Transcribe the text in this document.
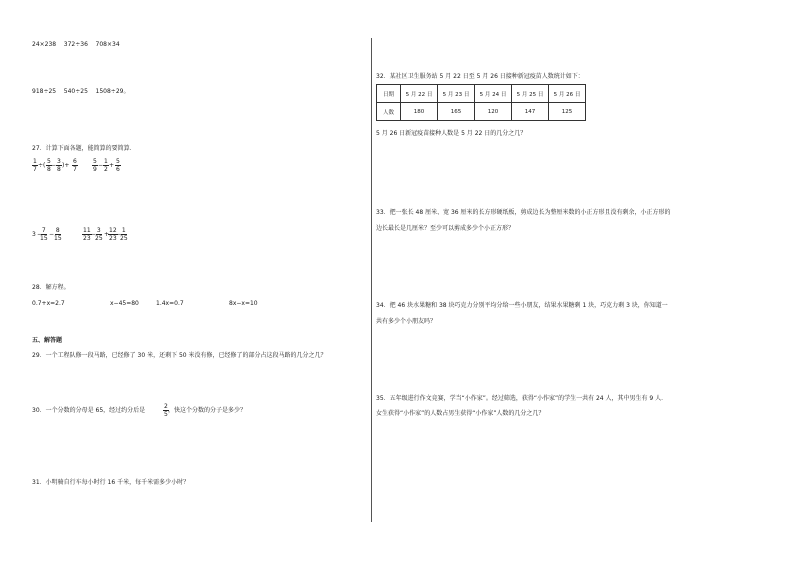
24×238 372÷36 708×34
918÷25 540÷25 1508÷29。
27．计算下面各题，能简算的要简算．
$\frac{1}{7}$ ÷( $\frac{5}{8} - \frac{3}{8}$ )+ $\frac{6}{7} \frac{5}{9} - \frac{1}{2} + \frac{5}{6}$
3 −
$\frac{7}{15} - \frac{8}{15}$	$\frac{11}{23}$ −
$\frac{3}{25}$ +
$\frac{12}{23}$ −
$\frac{1}{25}$
28．解方程。
0.7+x=2.7	x−45=80	1.4x=0.7	8x−x=10
五、解答题
29．一个工程队修一段马路，已经修了 30 米，还剩下 50 米没有修，已经修了的部分占这段马路的几分之几？
30．一个分数的分母是 65，经过约分后是	$\frac{2}{5}$ ，快这个分数的分子是多少？
31．小明骑自行车每小时行 16 千米，每千米需多少小时？
32．某社区卫生服务站 5 月 22 日至 5 月 26 日接种新冠疫苗人数统计如下：
日期	5 月 22 日	5 月 23 日	5 月 24 日	5 月 25 日	5 月 26 日
人数	180	165	120	147	125
5 月 26 日新冠疫苗接种人数是 5 月 22 日的几分之几？
33．把一张长 48 厘米、宽 36 厘米的长方形硬纸板，剪成边长为整厘米数的小正方形且没有剩余，小正方形的
边长最长是几厘米？至少可以剪成多少个小正方形？
34．把 46 块水果糖和 38 块巧克力分别平均分给一些小朋友，结果水果糖剩 1 块，巧克力剩 3 块，你知道一
共有多少个小朋友吗？
35．五年级进行作文竞赛，学当“小作家”。经过筛选，获得“小作家”的学生一共有 24 人，其中男生有 9 人．
女生获得“小作家”的人数占男生获得“小作家”人数的几分之几？
